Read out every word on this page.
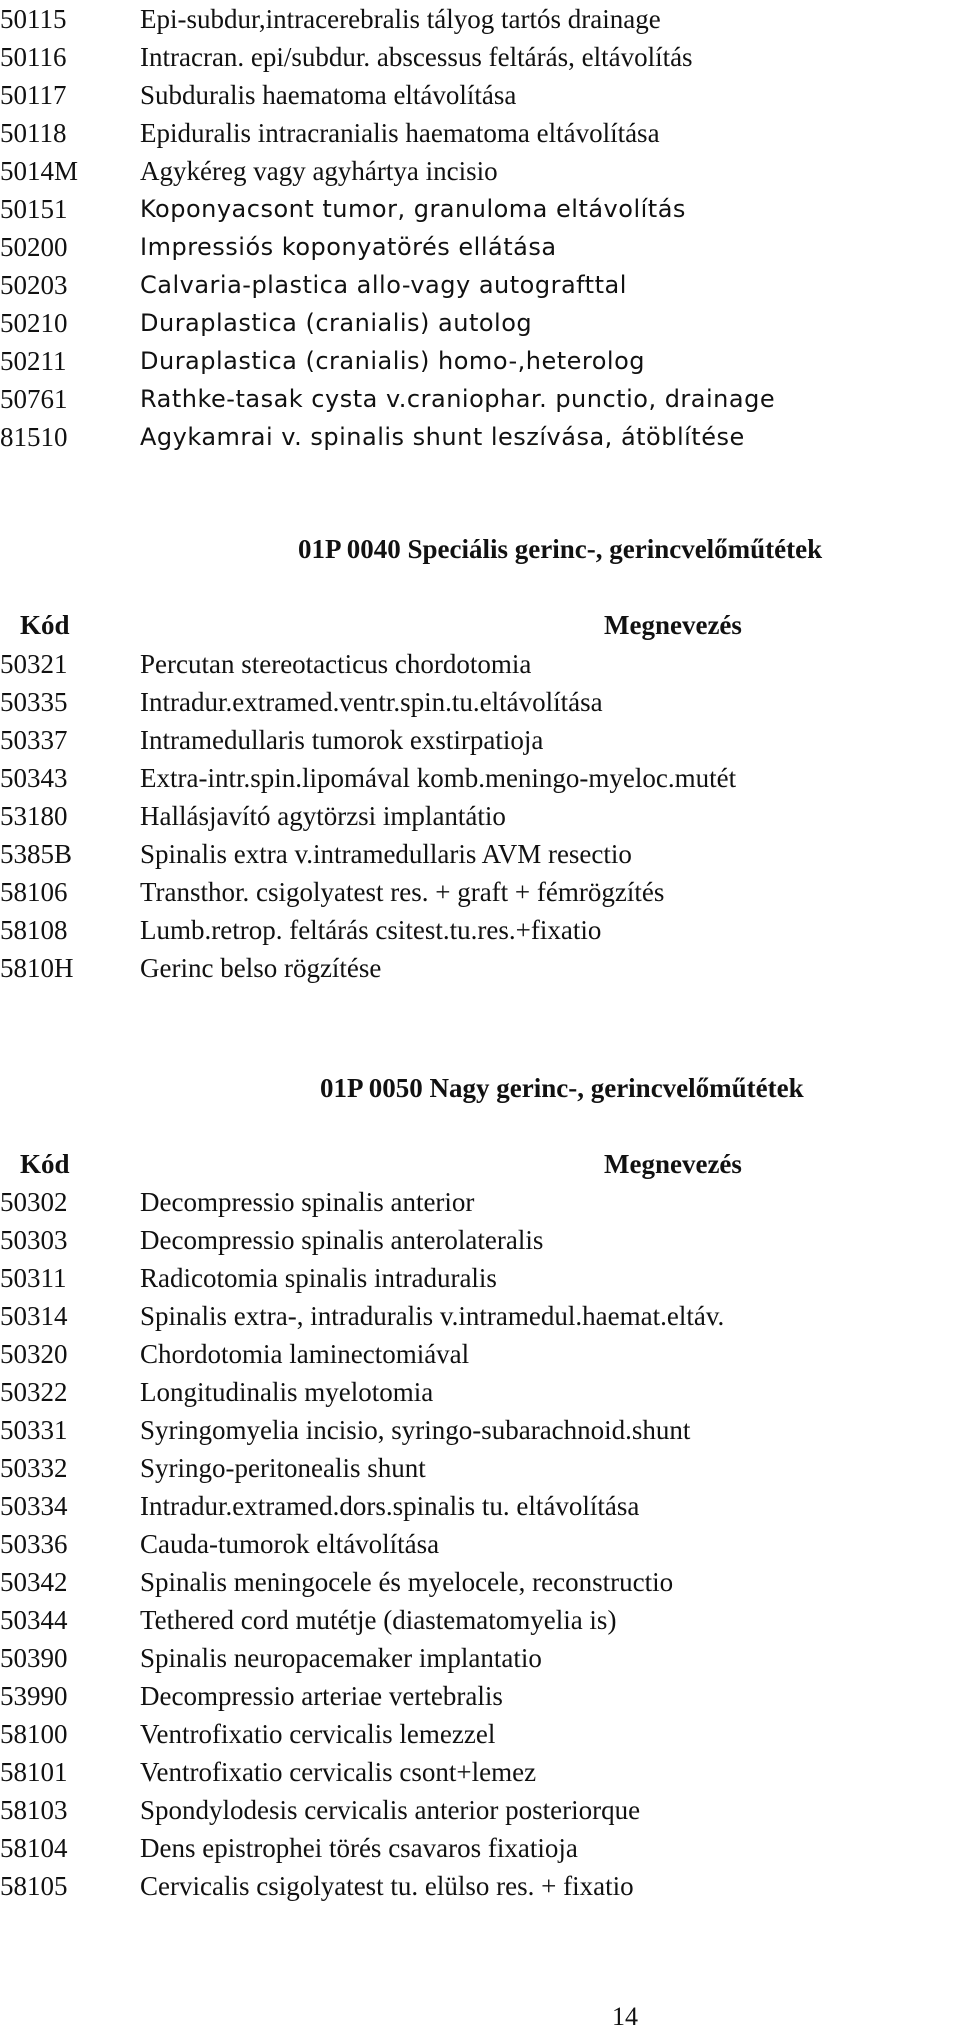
50115	Epi-subdur,intracerebralis tályog tartós drainage
50116	Intracran. epi/subdur. abscessus feltárás, eltávolítás
50117	Subduralis haematoma eltávolítása
50118	Epiduralis intracranialis haematoma eltávolítása
5014M Agykéreg vagy agyhártya incisio
50151	Koponyacsont tumor, granuloma eltávolítás
50200	Impressiós koponyatörés ellátása
50203	Calvaria-plastica allo-vagy autografttal
50210	Duraplastica (cranialis) autolog
50211	Duraplastica (cranialis) homo-,heterolog
50761	Rathke-tasak cysta v.craniophar. punctio, drainage
81510	Agykamrai v. spinalis shunt leszívása, átöblítése
01P 0040 Speciális gerinc-, gerincvelőműtétek
Kód	Megnevezés
50321	Percutan stereotacticus chordotomia
50335	Intradur.extramed.ventr.spin.tu.eltávolítása
50337	Intramedullaris tumorok exstirpatioja
50343	Extra-intr.spin.lipomával komb.meningo-myeloc.mutét
53180	Hallásjavító agytörzsi implantátio
5385B	Spinalis extra v.intramedullaris AVM resectio
58106	Transthor. csigolyatest res. + graft + fémrögzítés
58108	Lumb.retrop. feltárás csitest.tu.res.+fixatio
5810H Gerinc belso rögzítése
01P 0050 Nagy gerinc-, gerincvelőműtétek
Kód	Megnevezés
50302	Decompressio spinalis anterior
50303	Decompressio spinalis anterolateralis
50311	Radicotomia spinalis intraduralis
50314	Spinalis extra-, intraduralis v.intramedul.haemat.eltáv.
50320	Chordotomia laminectomiával
50322	Longitudinalis myelotomia
50331	Syringomyelia incisio, syringo-subarachnoid.shunt
50332	Syringo-peritonealis shunt
50334	Intradur.extramed.dors.spinalis tu. eltávolítása
50336	Cauda-tumorok eltávolítása
50342	Spinalis meningocele és myelocele, reconstructio
50344	Tethered cord mutétje (diastematomyelia is)
50390	Spinalis neuropacemaker implantatio
53990	Decompressio arteriae vertebralis
58100	Ventrofixatio cervicalis lemezzel
58101	Ventrofixatio cervicalis csont+lemez
58103	Spondylodesis cervicalis anterior posteriorque
58104	Dens epistrophei törés csavaros fixatioja
58105	Cervicalis csigolyatest tu. elülso res. + fixatio
14
